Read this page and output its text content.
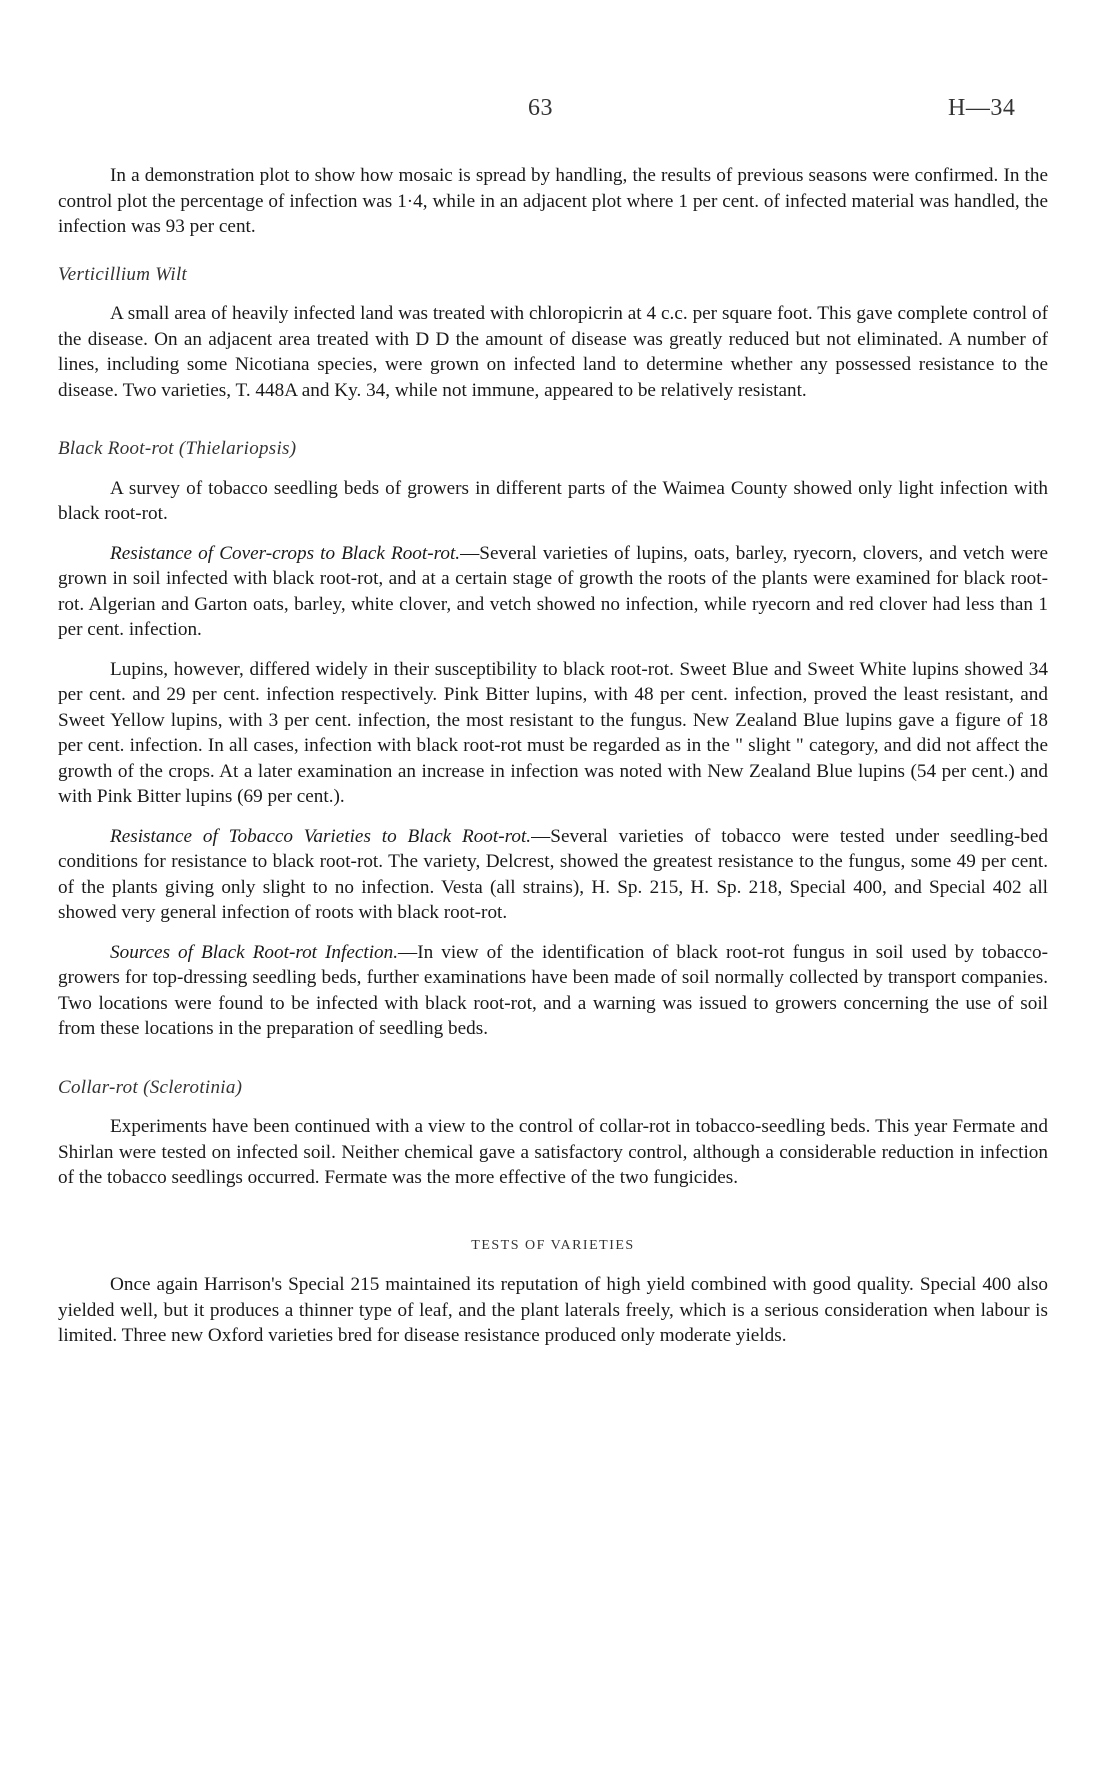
63	H—34

In a demonstration plot to show how mosaic is spread by handling, the results of previous seasons were confirmed. In the control plot the percentage of infection was 1·4, while in an adjacent plot where 1 per cent. of infected material was handled, the infection was 93 per cent.

Verticillium Wilt

A small area of heavily infected land was treated with chloropicrin at 4 c.c. per square foot. This gave complete control of the disease. On an adjacent area treated with D D the amount of disease was greatly reduced but not eliminated. A number of lines, including some Nicotiana species, were grown on infected land to determine whether any possessed resistance to the disease. Two varieties, T. 448A and Ky. 34, while not immune, appeared to be relatively resistant.

Black Root-rot (Thielariopsis)

A survey of tobacco seedling beds of growers in different parts of the Waimea County showed only light infection with black root-rot.

Resistance of Cover-crops to Black Root-rot.—Several varieties of lupins, oats, barley, ryecorn, clovers, and vetch were grown in soil infected with black root-rot, and at a certain stage of growth the roots of the plants were examined for black root-rot. Algerian and Garton oats, barley, white clover, and vetch showed no infection, while ryecorn and red clover had less than 1 per cent. infection.

Lupins, however, differed widely in their susceptibility to black root-rot. Sweet Blue and Sweet White lupins showed 34 per cent. and 29 per cent. infection respectively. Pink Bitter lupins, with 48 per cent. infection, proved the least resistant, and Sweet Yellow lupins, with 3 per cent. infection, the most resistant to the fungus. New Zealand Blue lupins gave a figure of 18 per cent. infection. In all cases, infection with black root-rot must be regarded as in the " slight " category, and did not affect the growth of the crops. At a later examination an increase in infection was noted with New Zealand Blue lupins (54 per cent.) and with Pink Bitter lupins (69 per cent.).

Resistance of Tobacco Varieties to Black Root-rot.—Several varieties of tobacco were tested under seedling-bed conditions for resistance to black root-rot. The variety, Delcrest, showed the greatest resistance to the fungus, some 49 per cent. of the plants giving only slight to no infection. Vesta (all strains), H. Sp. 215, H. Sp. 218, Special 400, and Special 402 all showed very general infection of roots with black root-rot.

Sources of Black Root-rot Infection.—In view of the identification of black root-rot fungus in soil used by tobacco-growers for top-dressing seedling beds, further examinations have been made of soil normally collected by transport companies. Two locations were found to be infected with black root-rot, and a warning was issued to growers concerning the use of soil from these locations in the preparation of seedling beds.

Collar-rot (Sclerotinia)

Experiments have been continued with a view to the control of collar-rot in tobacco-seedling beds. This year Fermate and Shirlan were tested on infected soil. Neither chemical gave a satisfactory control, although a considerable reduction in infection of the tobacco seedlings occurred. Fermate was the more effective of the two fungicides.

TESTS OF VARIETIES

Once again Harrison's Special 215 maintained its reputation of high yield combined with good quality. Special 400 also yielded well, but it produces a thinner type of leaf, and the plant laterals freely, which is a serious consideration when labour is limited. Three new Oxford varieties bred for disease resistance produced only moderate yields.
